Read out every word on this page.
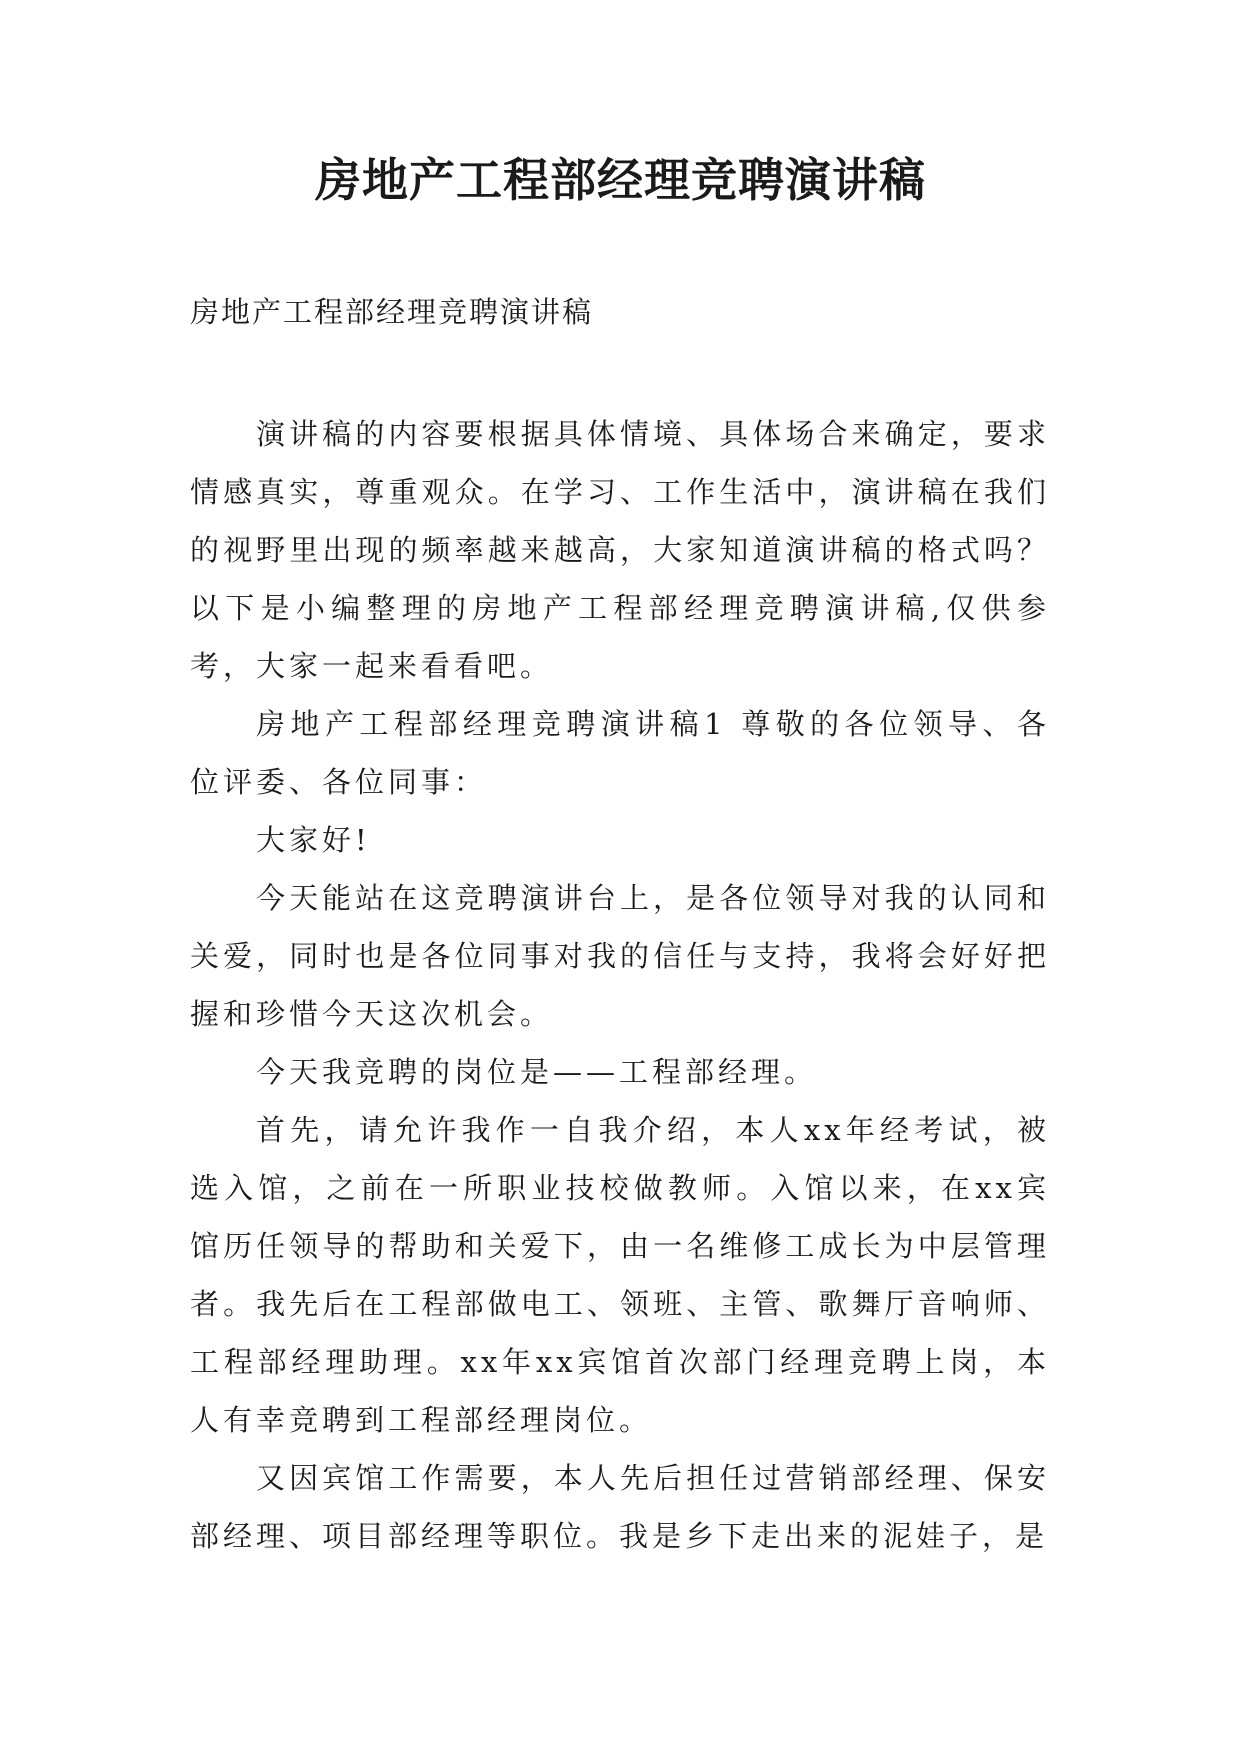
房地产工程部经理竞聘演讲稿

房地产工程部经理竞聘演讲稿

演讲稿的内容要根据具体情境、具体场合来确定，要求情感真实，尊重观众。在学习、工作生活中，演讲稿在我们的视野里出现的频率越来越高，大家知道演讲稿的格式吗？以下是小编整理的房地产工程部经理竞聘演讲稿,仅供参考，大家一起来看看吧。

房地产工程部经理竞聘演讲稿1 尊敬的各位领导、各位评委、各位同事：

大家好!

今天能站在这竞聘演讲台上，是各位领导对我的认同和关爱，同时也是各位同事对我的信任与支持，我将会好好把握和珍惜今天这次机会。

今天我竞聘的岗位是——工程部经理。

首先，请允许我作一自我介绍，本人xx年经考试，被选入馆，之前在一所职业技校做教师。入馆以来，在xx宾馆历任领导的帮助和关爱下，由一名维修工成长为中层管理者。我先后在工程部做电工、领班、主管、歌舞厅音响师、工程部经理助理。xx年xx宾馆首次部门经理竞聘上岗，本人有幸竞聘到工程部经理岗位。

又因宾馆工作需要，本人先后担任过营销部经理、保安部经理、项目部经理等职位。我是乡下走出来的泥娃子，是
